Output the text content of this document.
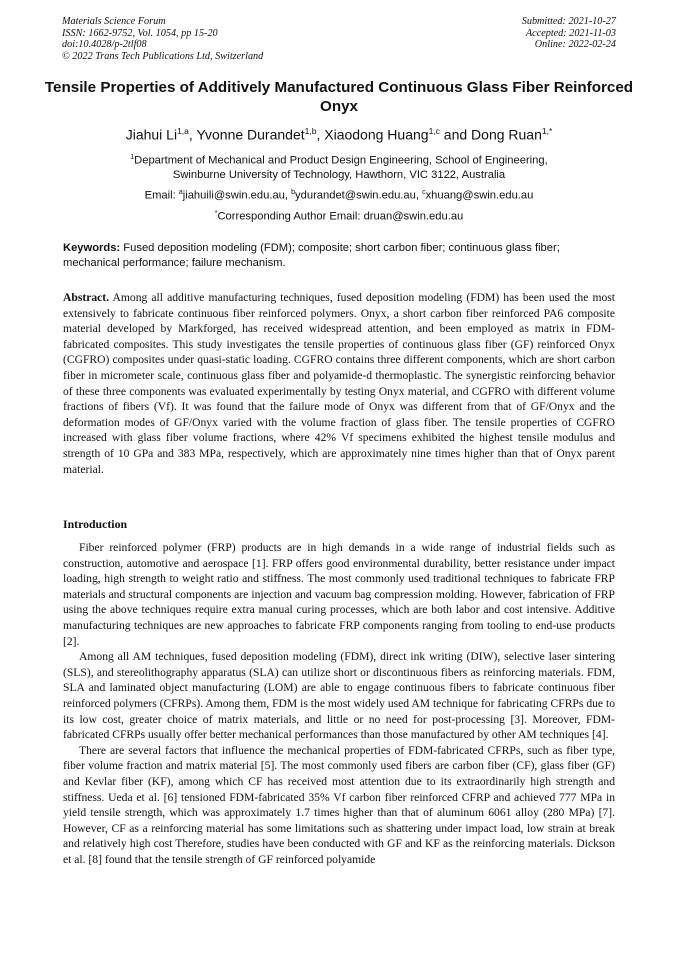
Materials Science Forum
ISSN: 1662-9752, Vol. 1054, pp 15-20
doi:10.4028/p-2tlf08
© 2022 Trans Tech Publications Ltd, Switzerland
Submitted: 2021-10-27
Accepted: 2021-11-03
Online: 2022-02-24
Tensile Properties of Additively Manufactured Continuous Glass Fiber Reinforced Onyx
Jiahui Li$^{1,a}$, Yvonne Durandet$^{1,b}$, Xiaodong Huang$^{1,c}$ and Dong Ruan$^{1,*}$
$^1$Department of Mechanical and Product Design Engineering, School of Engineering,
Swinburne University of Technology, Hawthorn, VIC 3122, Australia
Email: $^a$jiahuili@swin.edu.au, $^b$ydurandet@swin.edu.au, $^c$xhuang@swin.edu.au
*Corresponding Author Email: druan@swin.edu.au
Keywords: Fused deposition modeling (FDM); composite; short carbon fiber; continuous glass fiber; mechanical performance; failure mechanism.

Abstract. Among all additive manufacturing techniques, fused deposition modeling (FDM) has been used the most extensively to fabricate continuous fiber reinforced polymers. Onyx, a short carbon fiber reinforced PA6 composite material developed by Markforged, has received widespread attention, and been employed as matrix in FDM-fabricated composites. This study investigates the tensile properties of continuous glass fiber (GF) reinforced Onyx (CGFRO) composites under quasi-static loading. CGFRO contains three different components, which are short carbon fiber in micrometer scale, continuous glass fiber and polyamide-d thermoplastic. The synergistic reinforcing behavior of these three components was evaluated experimentally by testing Onyx material, and CGFRO with different volume fractions of fibers (Vf). It was found that the failure mode of Onyx was different from that of GF/Onyx and the deformation modes of GF/Onyx varied with the volume fraction of glass fiber. The tensile properties of CGFRO increased with glass fiber volume fractions, where 42% Vf specimens exhibited the highest tensile modulus and strength of 10 GPa and 383 MPa, respectively, which are approximately nine times higher than that of Onyx parent material.

Introduction

Fiber reinforced polymer (FRP) products are in high demands in a wide range of industrial fields such as construction, automotive and aerospace [1]. FRP offers good environmental durability, better resistance under impact loading, high strength to weight ratio and stiffness. The most commonly used traditional techniques to fabricate FRP materials and structural components are injection and vacuum bag compression molding. However, fabrication of FRP using the above techniques require extra manual curing processes, which are both labor and cost intensive. Additive manufacturing techniques are new approaches to fabricate FRP components ranging from tooling to end-use products [2].

Among all AM techniques, fused deposition modeling (FDM), direct ink writing (DIW), selective laser sintering (SLS), and stereolithography apparatus (SLA) can utilize short or discontinuous fibers as reinforcing materials. FDM, SLA and laminated object manufacturing (LOM) are able to engage continuous fibers to fabricate continuous fiber reinforced polymers (CFRPs). Among them, FDM is the most widely used AM technique for fabricating CFRPs due to its low cost, greater choice of matrix materials, and little or no need for post-processing [3]. Moreover, FDM-fabricated CFRPs usually offer better mechanical performances than those manufactured by other AM techniques [4].

There are several factors that influence the mechanical properties of FDM-fabricated CFRPs, such as fiber type, fiber volume fraction and matrix material [5]. The most commonly used fibers are carbon fiber (CF), glass fiber (GF) and Kevlar fiber (KF), among which CF has received most attention due to its extraordinarily high strength and stiffness. Ueda et al. [6] tensioned FDM-fabricated 35% Vf carbon fiber reinforced CFRP and achieved 777 MPa in yield tensile strength, which was approximately 1.7 times higher than that of aluminum 6061 alloy (280 MPa) [7]. However, CF as a reinforcing material has some limitations such as shattering under impact load, low strain at break and relatively high cost Therefore, studies have been conducted with GF and KF as the reinforcing materials. Dickson et al. [8] found that the tensile strength of GF reinforced polyamide
